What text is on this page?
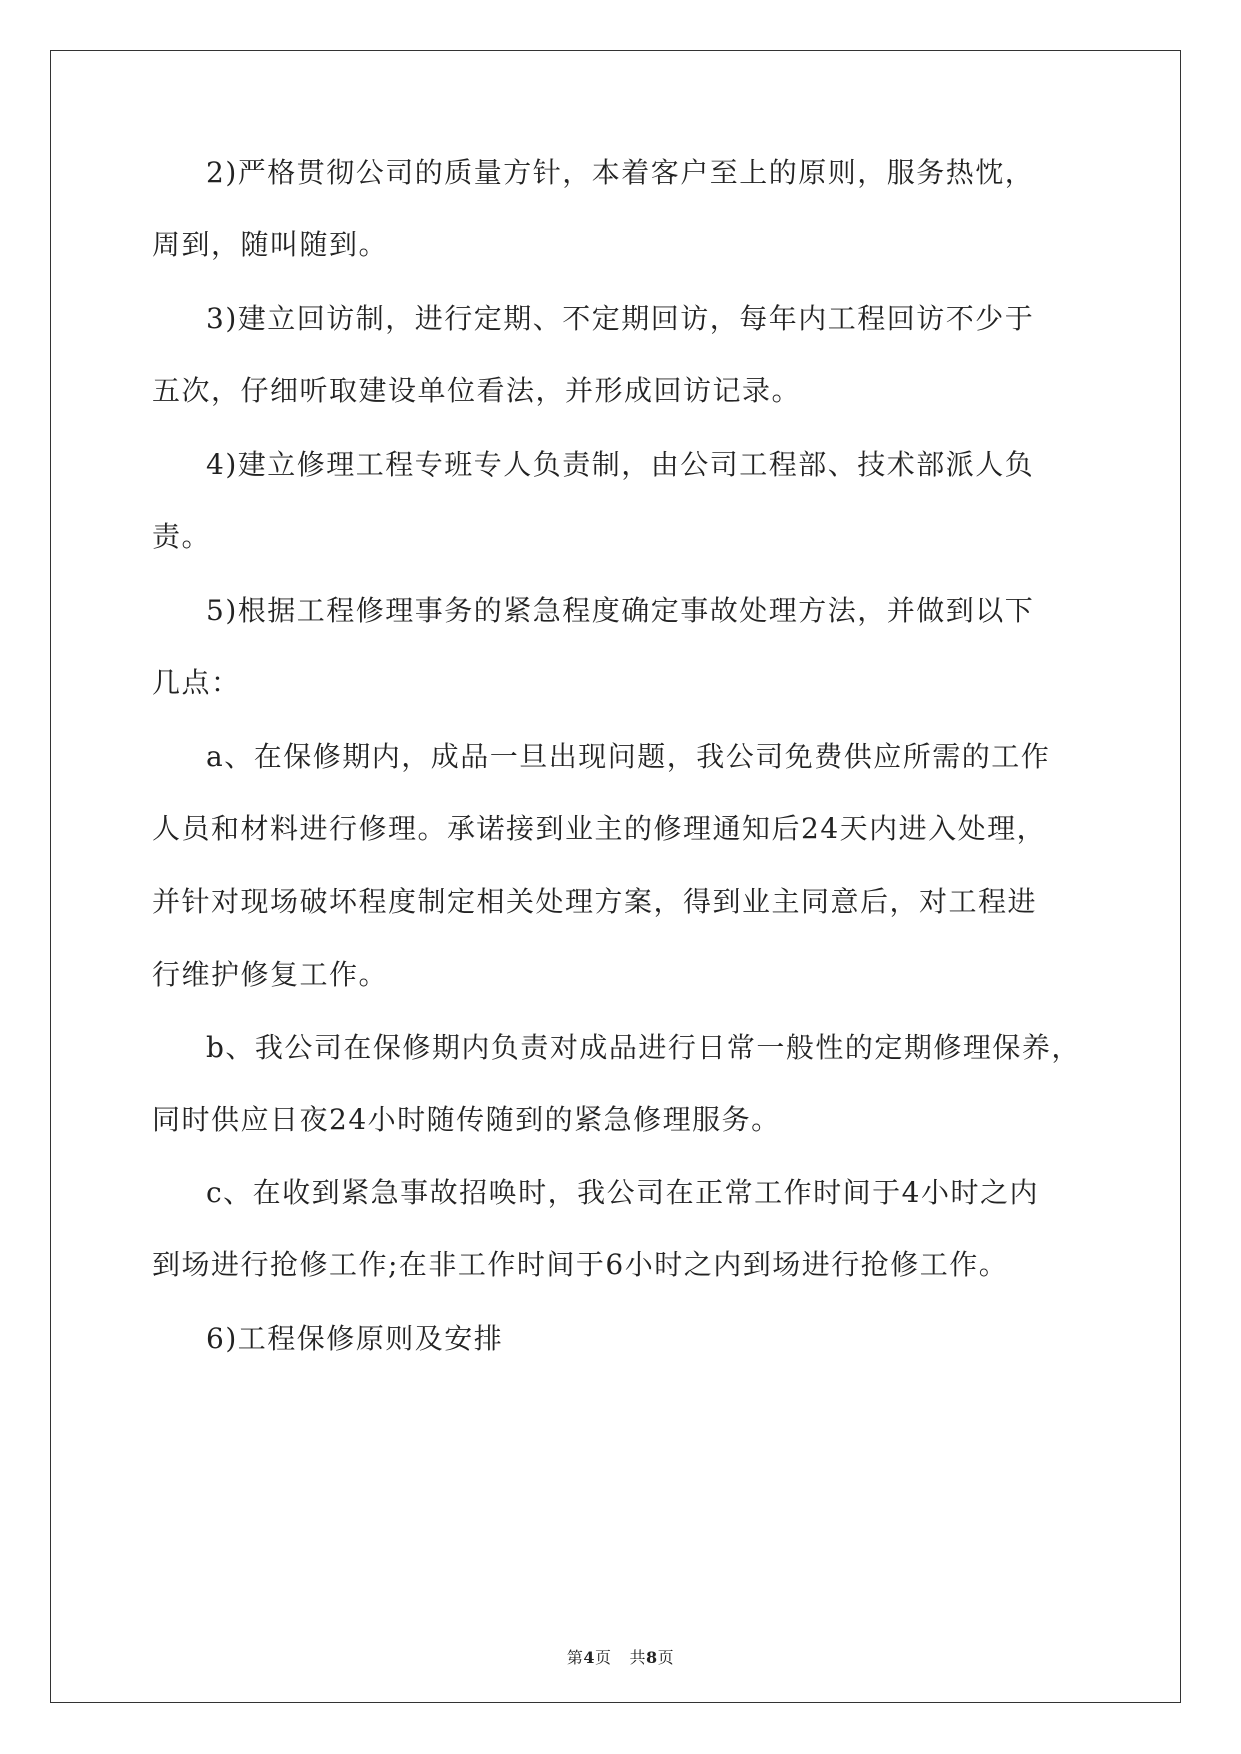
2)严格贯彻公司的质量方针，本着客户至上的原则，服务热忱，
周到，随叫随到。
3)建立回访制，进行定期、不定期回访，每年内工程回访不少于
五次，仔细听取建设单位看法，并形成回访记录。
4)建立修理工程专班专人负责制，由公司工程部、技术部派人负
责。
5)根据工程修理事务的紧急程度确定事故处理方法，并做到以下
几点：
a、在保修期内，成品一旦出现问题，我公司免费供应所需的工作
人员和材料进行修理。承诺接到业主的修理通知后24天内进入处理，
并针对现场破坏程度制定相关处理方案，得到业主同意后，对工程进
行维护修复工作。
b、我公司在保修期内负责对成品进行日常一般性的定期修理保养，
同时供应日夜24小时随传随到的紧急修理服务。
c、在收到紧急事故招唤时，我公司在正常工作时间于4小时之内
到场进行抢修工作;在非工作时间于6小时之内到场进行抢修工作。
6)工程保修原则及安排
第4页 共8页
